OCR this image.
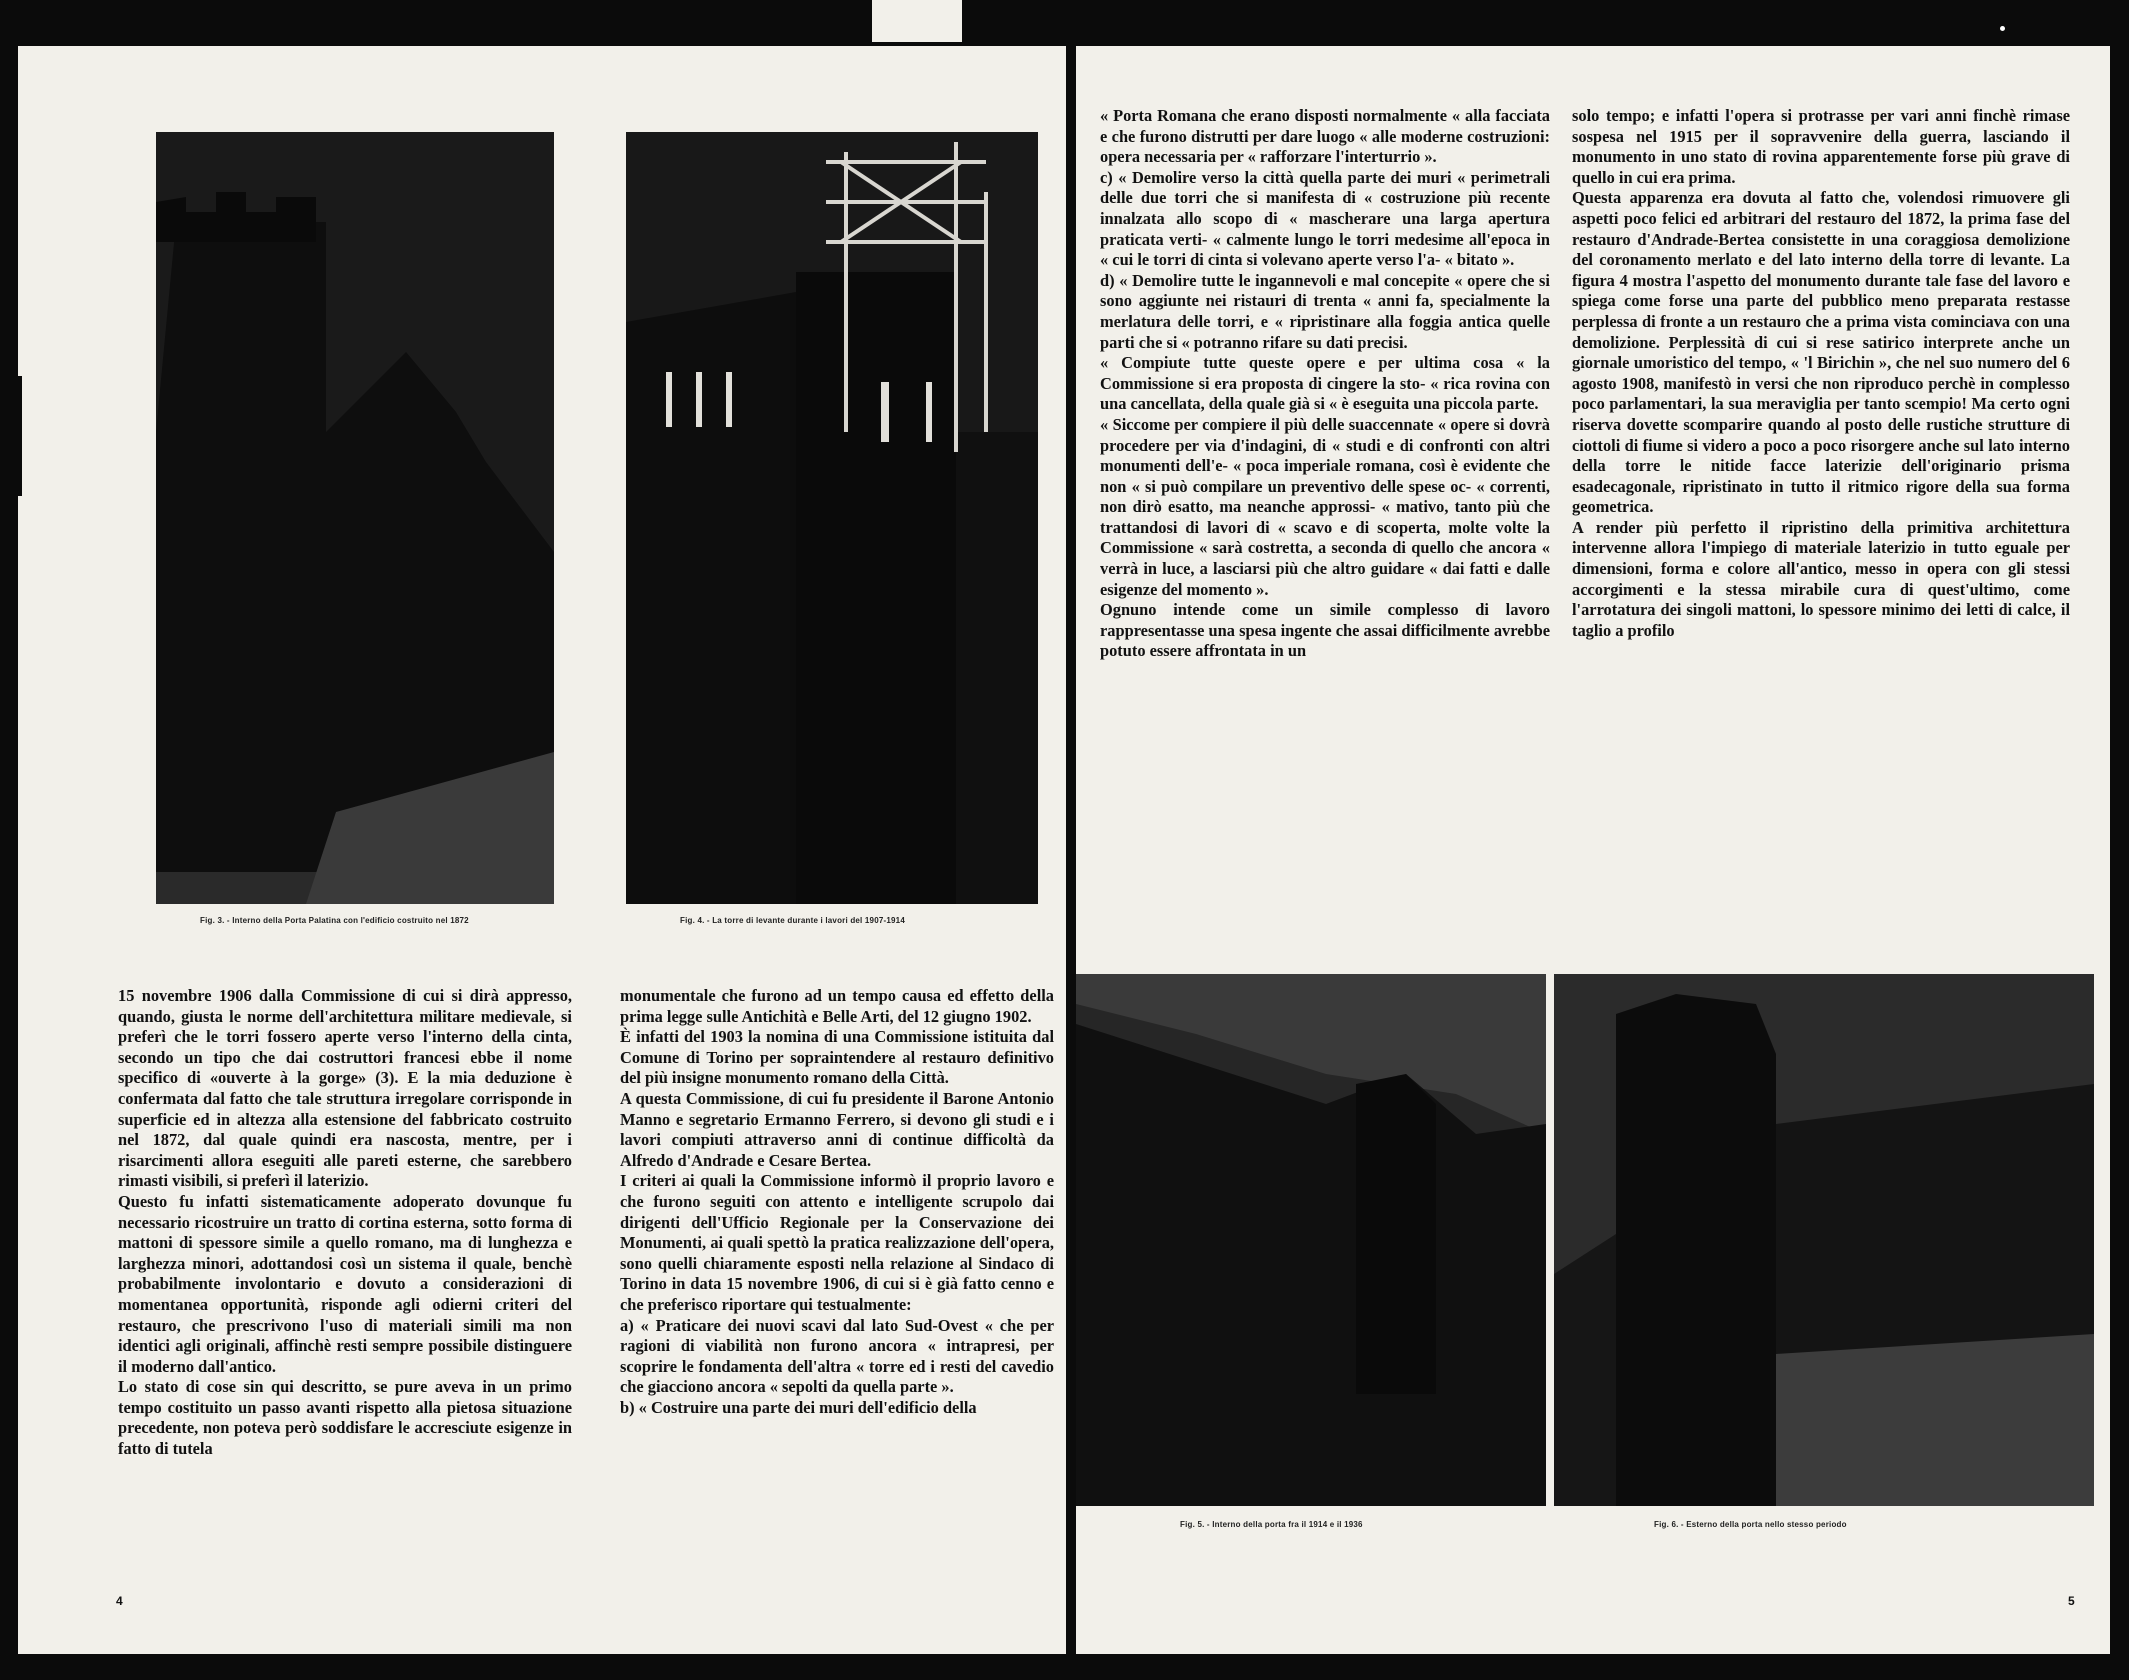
Fig. 3. - Interno della Porta Palatina con l'edificio costruito nel 1872	Fig. 4. - La torre di levante durante i lavori del 1907-1914

15 novembre 1906 dalla Commissione di cui si dirà appresso, quando, giusta le norme dell'architettura militare medievale, si preferì che le torri fossero aperte verso l'interno della cinta, secondo un tipo che dai costruttori francesi ebbe il nome specifico di «ouverte à la gorge» (3). E la mia deduzione è confermata dal fatto che tale struttura irregolare corrisponde in superficie ed in altezza alla estensione del fabbricato costruito nel 1872, dal quale quindi era nascosta, mentre, per i risarcimenti allora eseguiti alle pareti esterne, che sarebbero rimasti visibili, si preferì il laterizio.

Questo fu infatti sistematicamente adoperato dovunque fu necessario ricostruire un tratto di cortina esterna, sotto forma di mattoni di spessore simile a quello romano, ma di lunghezza e larghezza minori, adottandosi così un sistema il quale, benchè probabilmente involontario e dovuto a considerazioni di momentanea opportunità, risponde agli odierni criteri del restauro, che prescrivono l'uso di materiali simili ma non identici agli originali, affinchè resti sempre possibile distinguere il moderno dall'antico.

Lo stato di cose sin qui descritto, se pure aveva in un primo tempo costituito un passo avanti rispetto alla pietosa situazione precedente, non poteva però soddisfare le accresciute esigenze in fatto di tutela

monumentale che furono ad un tempo causa ed effetto della prima legge sulle Antichità e Belle Arti, del 12 giugno 1902.

È infatti del 1903 la nomina di una Commissione istituita dal Comune di Torino per sopraintendere al restauro definitivo del più insigne monumento romano della Città.

A questa Commissione, di cui fu presidente il Barone Antonio Manno e segretario Ermanno Ferrero, si devono gli studi e i lavori compiuti attraverso anni di continue difficoltà da Alfredo d'Andrade e Cesare Bertea.

I criteri ai quali la Commissione informò il proprio lavoro e che furono seguiti con attento e intelligente scrupolo dai dirigenti dell'Ufficio Regionale per la Conservazione dei Monumenti, ai quali spettò la pratica realizzazione dell'opera, sono quelli chiaramente esposti nella relazione al Sindaco di Torino in data 15 novembre 1906, di cui si è già fatto cenno e che preferisco riportare qui testualmente:

a) « Praticare dei nuovi scavi dal lato Sud-Ovest « che per ragioni di viabilità non furono ancora « intrapresi, per scoprire le fondamenta dell'altra « torre ed i resti del cavedio che giacciono ancora « sepolti da quella parte ».

b) « Costruire una parte dei muri dell'edificio della

4

« Porta Romana che erano disposti normalmente « alla facciata e che furono distrutti per dare luogo « alle moderne costruzioni: opera necessaria per « rafforzare l'interturrio ».

c) « Demolire verso la città quella parte dei muri « perimetrali delle due torri che si manifesta di « costruzione più recente innalzata allo scopo di « mascherare una larga apertura praticata verti- « calmente lungo le torri medesime all'epoca in « cui le torri di cinta si volevano aperte verso l'a- « bitato ».

d) « Demolire tutte le ingannevoli e mal concepite « opere che si sono aggiunte nei ristauri di trenta « anni fa, specialmente la merlatura delle torri, e « ripristinare alla foggia antica quelle parti che si « potranno rifare su dati precisi.

« Compiute tutte queste opere e per ultima cosa « la Commissione si era proposta di cingere la sto- « rica rovina con una cancellata, della quale già si « è eseguita una piccola parte.

« Siccome per compiere il più delle suaccennate « opere si dovrà procedere per via d'indagini, di « studi e di confronti con altri monumenti dell'e- « poca imperiale romana, così è evidente che non « si può compilare un preventivo delle spese oc- « correnti, non dirò esatto, ma neanche approssi- « mativo, tanto più che trattandosi di lavori di « scavo e di scoperta, molte volte la Commissione « sarà costretta, a seconda di quello che ancora « verrà in luce, a lasciarsi più che altro guidare « dai fatti e dalle esigenze del momento ».

Ognuno intende come un simile complesso di lavoro rappresentasse una spesa ingente che assai difficilmente avrebbe potuto essere affrontata in un

solo tempo; e infatti l'opera si protrasse per vari anni finchè rimase sospesa nel 1915 per il sopravvenire della guerra, lasciando il monumento in uno stato di rovina apparentemente forse più grave di quello in cui era prima.

Questa apparenza era dovuta al fatto che, volendosi rimuovere gli aspetti poco felici ed arbitrari del restauro del 1872, la prima fase del restauro d'Andrade-Bertea consistette in una coraggiosa demolizione del coronamento merlato e del lato interno della torre di levante. La figura 4 mostra l'aspetto del monumento durante tale fase del lavoro e spiega come forse una parte del pubblico meno preparata restasse perplessa di fronte a un restauro che a prima vista cominciava con una demolizione. Perplessità di cui si rese satirico interprete anche un giornale umoristico del tempo, « 'l Birichin », che nel suo numero del 6 agosto 1908, manifestò in versi che non riproduco perchè in complesso poco parlamentari, la sua meraviglia per tanto scempio! Ma certo ogni riserva dovette scomparire quando al posto delle rustiche strutture di ciottoli di fiume si videro a poco a poco risorgere anche sul lato interno della torre le nitide facce laterizie dell'originario prisma esadecagonale, ripristinato in tutto il ritmico rigore della sua forma geometrica.

A render più perfetto il ripristino della primitiva architettura intervenne allora l'impiego di materiale laterizio in tutto eguale per dimensioni, forma e colore all'antico, messo in opera con gli stessi accorgimenti e la stessa mirabile cura di quest'ultimo, come l'arrotatura dei singoli mattoni, lo spessore minimo dei letti di calce, il taglio a profilo

Fig. 5. - Interno della porta fra il 1914 e il 1936	Fig. 6. - Esterno della porta nello stesso periodo
5
